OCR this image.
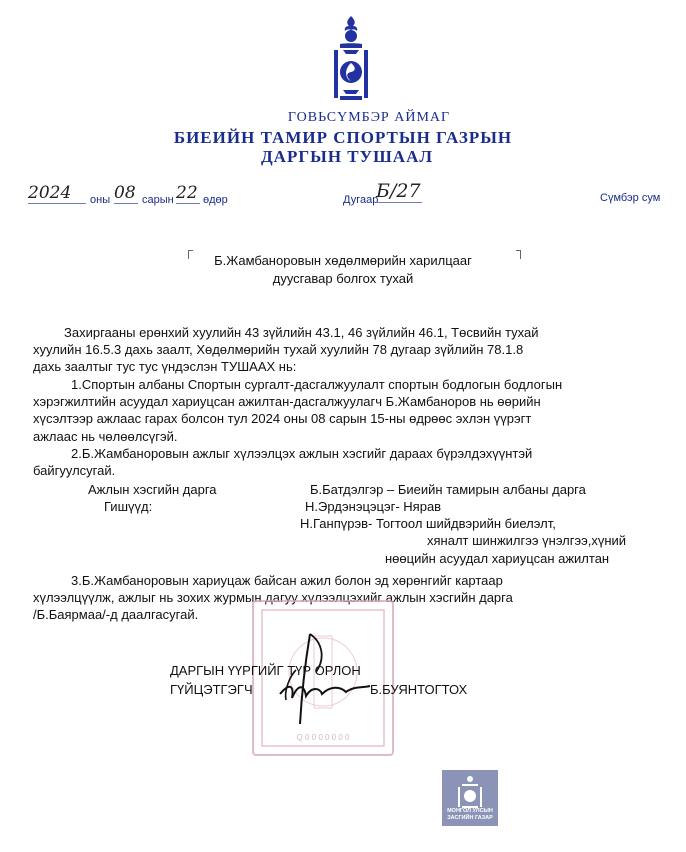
ГОВЬСҮМБЭР АЙМАГ
БИЕИЙН ТАМИР СПОРТЫН ГАЗРЫН
ДАРГЫН ТУШААЛ
2024	оны 08 сарын 22 өдөр	Дугаар
Б/27	Сүмбэр сум
Б.Жамбаноровын хөдөлмөрийн харилцааг
дуусгавар болгох тухай
Захиргааны ерөнхий хуулийн 43 зүйлийн 43.1, 46 зүйлийн 46.1, Төсвийн тухай
хуулийн 16.5.3 дахь заалт, Хөдөлмөрийн тухай хуулийн 78 дугаар зүйлийн 78.1.8
дахь заалтыг тус тус үндэслэн ТУШААХ нь:
1.Спортын албаны Спортын сургалт-дасгалжуулалт спортын бодлогын бодлогын
хэрэгжилтийн асуудал хариуцсан ажилтан-дасгалжуулагч Б.Жамбаноров нь өөрийн
хүсэлтээр ажлаас гарах болсон тул 2024 оны 08 сарын 15-ны өдрөөс эхлэн үүрэгт
ажлаас нь чөлөөлсүгэй.
2.Б.Жамбаноровын ажлыг хүлээлцэх ажлын хэсгийг дараах бүрэлдэхүүнтэй
байгуулсугай.
Ажлын хэсгийн дарга	Б.Батдэлгэр – Биеийн тамирын албаны дарга
Гишүүд:	Н.Эрдэнэцэцэг- Нярав
Н.Ганпүрэв- Тогтоол шийдвэрийн биелэлт,
хяналт шинжилгээ үнэлгээ,хүний
нөөцийн асуудал хариуцсан ажилтан
3.Б.Жамбаноровын хариуцаж байсан ажил болон эд хөрөнгийг картаар
хүлээлцүүлж, ажлыг нь зохих журмын дагуу хүлээлцэхийг ажлын хэсгийн дарга
/Б.Баярмаа/-д даалгасугай.
Q 0 0 0 0 0 0 0
ДАРГЫН ҮҮРГИЙГ ТҮР ОРЛОН
ГҮЙЦЭТГЭГЧ	Б.БУЯНТОГТОХ
МОНГОЛ УЛСЫН
ЗАСГИЙН ГАЗАР
